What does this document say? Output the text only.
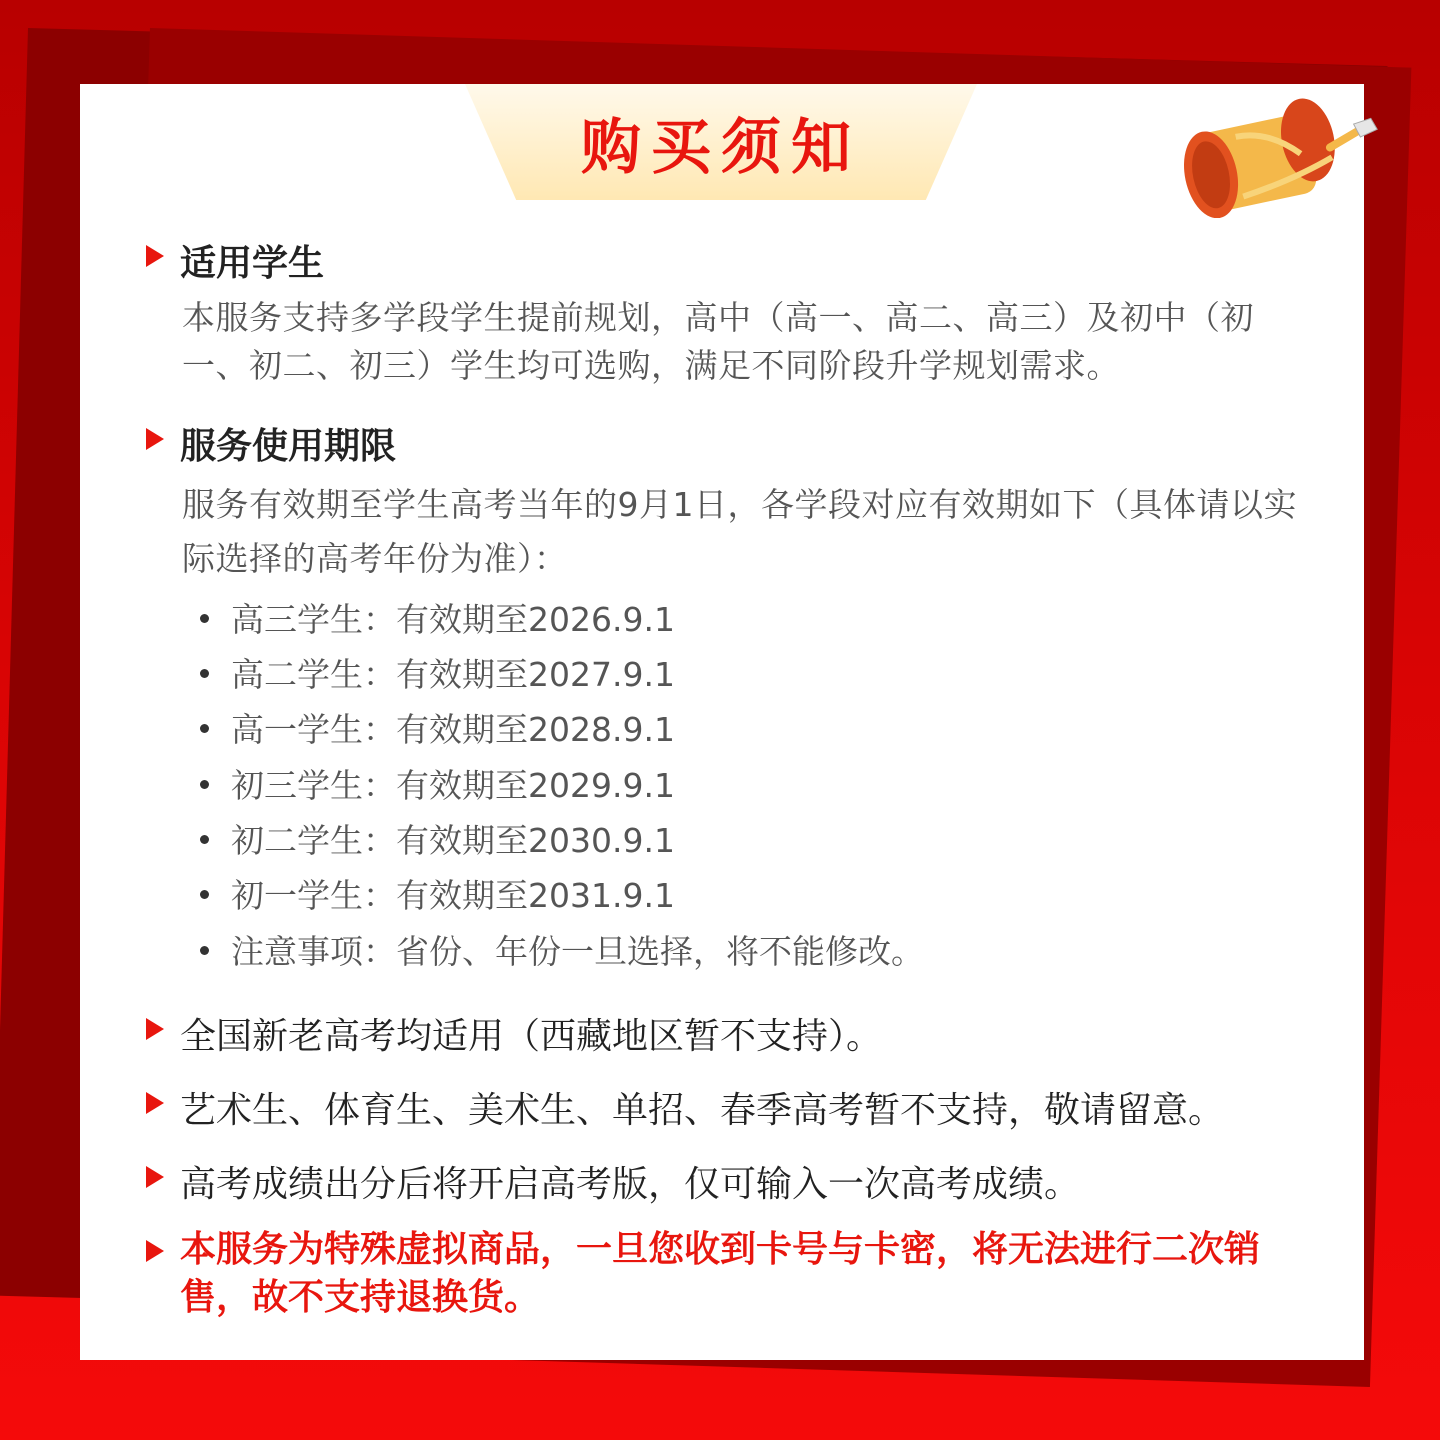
购买须知
适用学生
本服务支持多学段学生提前规划，高中（高一、高二、高三）及初中（初一、初二、初三）学生均可选购，满足不同阶段升学规划需求。
服务使用期限
服务有效期至学生高考当年的9月1日，各学段对应有效期如下（具体请以实际选择的高考年份为准）：
高三学生：有效期至2026.9.1
高二学生：有效期至2027.9.1
高一学生：有效期至2028.9.1
初三学生：有效期至2029.9.1
初二学生：有效期至2030.9.1
初一学生：有效期至2031.9.1
注意事项：省份、年份一旦选择，将不能修改。
全国新老高考均适用（西藏地区暂不支持）。
艺术生、体育生、美术生、单招、春季高考暂不支持，敬请留意。
高考成绩出分后将开启高考版，仅可输入一次高考成绩。
本服务为特殊虚拟商品，一旦您收到卡号与卡密，将无法进行二次销售，故不支持退换货。
